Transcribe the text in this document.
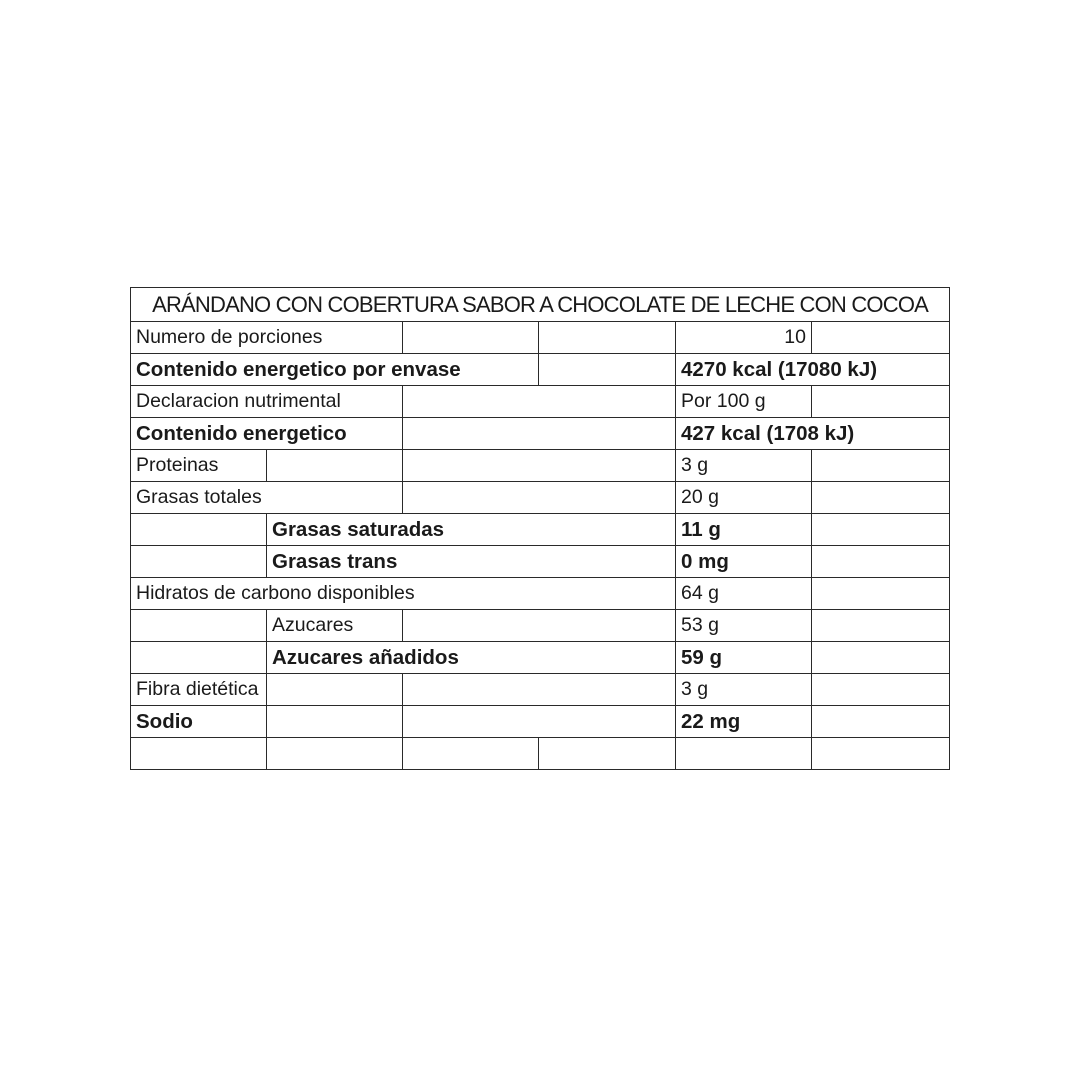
ARÁNDANO CON COBERTURA SABOR A CHOCOLATE DE LECHE CON COCOA					
Numero de porciones				10	
Contenido energetico por envase				4270 kcal (17080 kJ)	
Declaracion nutrimental				Por 100 g	
Contenido energetico				427 kcal (1708 kJ)	
Proteinas				3 g	
Grasas totales				20 g	
	Grasas saturadas			11 g	
	Grasas trans			0 mg	
Hidratos de carbono disponibles				64 g	
	Azucares			53 g	
	Azucares añadidos			59 g	
Fibra dietética				3 g	
Sodio				22 mg	
